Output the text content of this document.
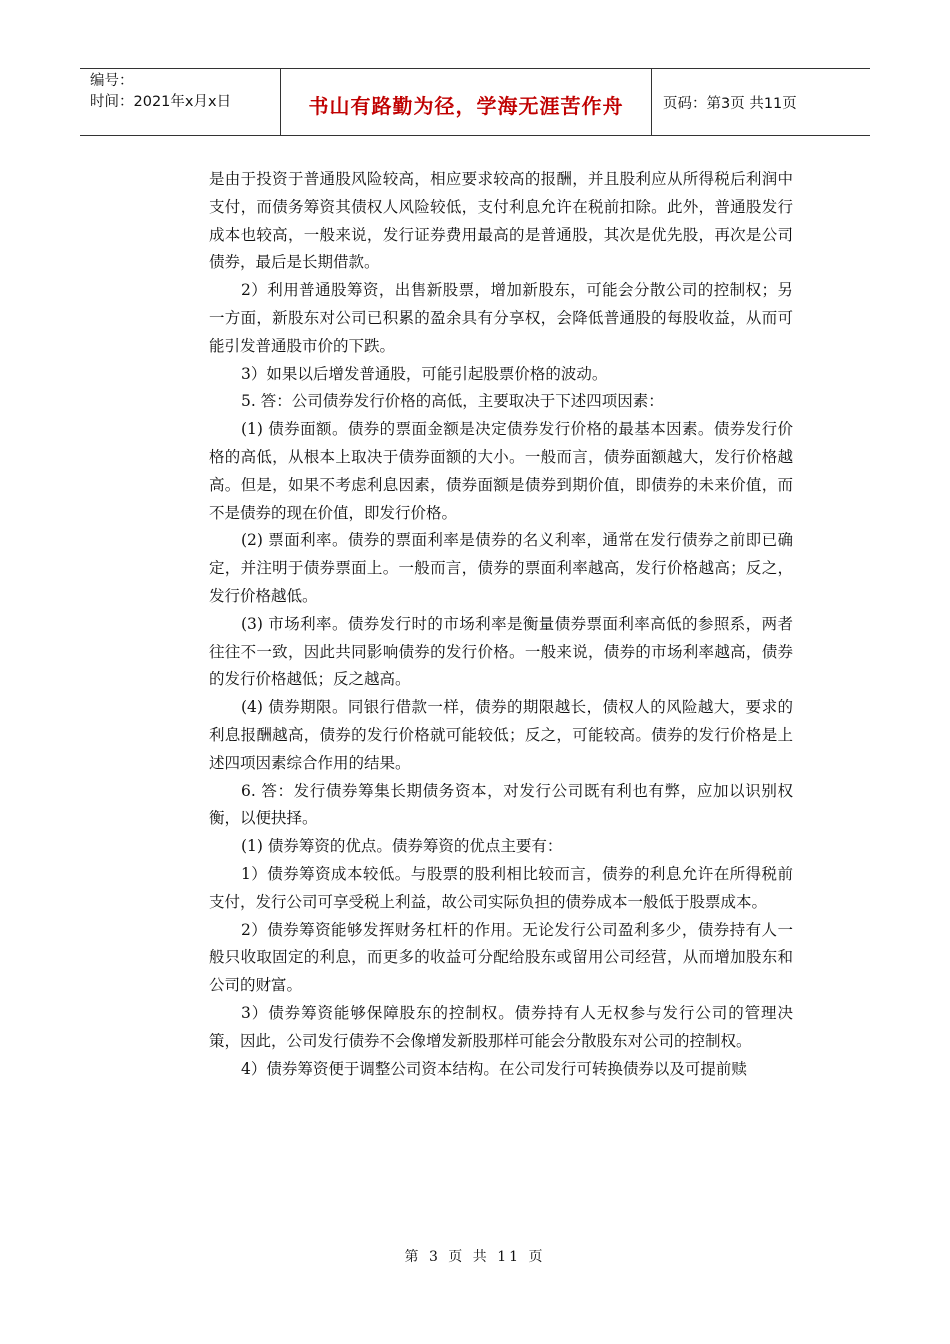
编号：
时间：2021年x月x日	书山有路勤为径，学海无涯苦作舟	页码：第3页 共11页

是由于投资于普通股风险较高，相应要求较高的报酬，并且股利应从所得税后利润中支付，而债务筹资其债权人风险较低，支付利息允许在税前扣除。此外，普通股发行成本也较高，一般来说，发行证券费用最高的是普通股，其次是优先股，再次是公司债券，最后是长期借款。

2）利用普通股筹资，出售新股票，增加新股东，可能会分散公司的控制权；另一方面，新股东对公司已积累的盈余具有分享权，会降低普通股的每股收益，从而可能引发普通股市价的下跌。

3）如果以后增发普通股，可能引起股票价格的波动。

5. 答：公司债券发行价格的高低，主要取决于下述四项因素：

(1) 债券面额。债券的票面金额是决定债券发行价格的最基本因素。债券发行价格的高低，从根本上取决于债券面额的大小。一般而言，债券面额越大，发行价格越高。但是，如果不考虑利息因素，债券面额是债券到期价值，即债券的未来价值，而不是债券的现在价值，即发行价格。

(2) 票面利率。债券的票面利率是债券的名义利率，通常在发行债券之前即已确定，并注明于债券票面上。一般而言，债券的票面利率越高，发行价格越高；反之，发行价格越低。

(3) 市场利率。债券发行时的市场利率是衡量债券票面利率高低的参照系，两者往往不一致，因此共同影响债券的发行价格。一般来说，债券的市场利率越高，债券的发行价格越低；反之越高。

(4) 债券期限。同银行借款一样，债券的期限越长，债权人的风险越大，要求的利息报酬越高，债券的发行价格就可能较低；反之，可能较高。债券的发行价格是上述四项因素综合作用的结果。

6. 答：发行债券筹集长期债务资本，对发行公司既有利也有弊，应加以识别权衡，以便抉择。

(1) 债券筹资的优点。债券筹资的优点主要有：

1）债券筹资成本较低。与股票的股利相比较而言，债券的利息允许在所得税前支付，发行公司可享受税上利益，故公司实际负担的债券成本一般低于股票成本。

2）债券筹资能够发挥财务杠杆的作用。无论发行公司盈利多少，债券持有人一般只收取固定的利息，而更多的收益可分配给股东或留用公司经营，从而增加股东和公司的财富。

3）债券筹资能够保障股东的控制权。债券持有人无权参与发行公司的管理决策，因此，公司发行债券不会像增发新股那样可能会分散股东对公司的控制权。

4）债券筹资便于调整公司资本结构。在公司发行可转换债券以及可提前赎

第 3 页 共 11 页
